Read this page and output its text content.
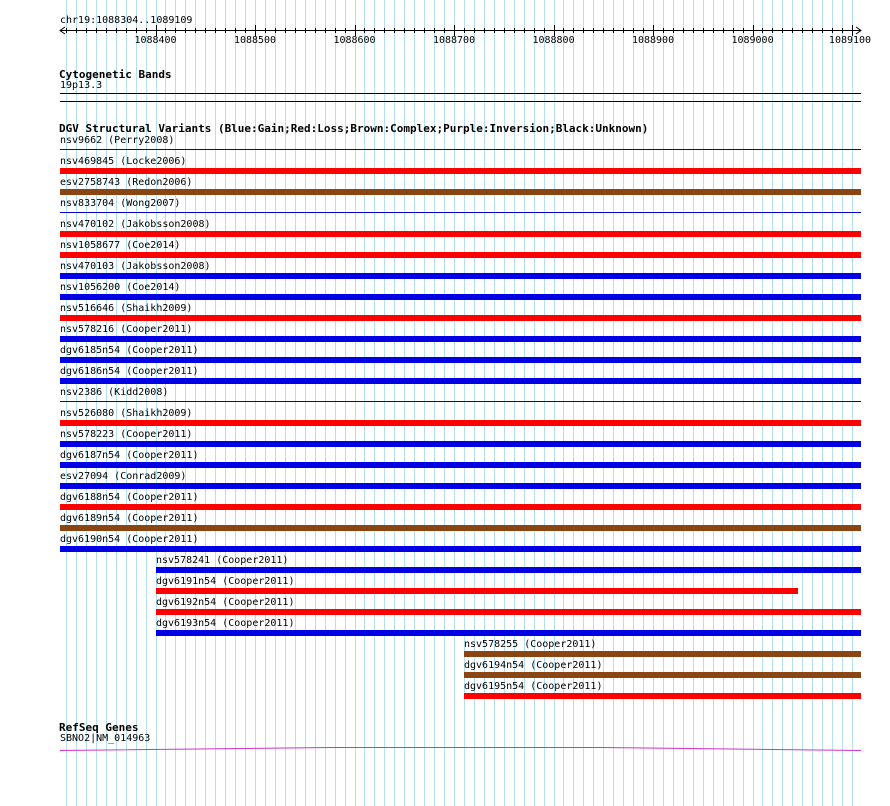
chr19:1088304..1089109
1088400	1088500	1088600	1088700	1088800	1088900	1089000	1089100
Cytogenetic Bands
19p13.3
DGV Structural Variants (Blue:Gain;Red:Loss;Brown:Complex;Purple:Inversion;Black:Unknown)
nsv9662 (Perry2008)
nsv469845 (Locke2006)
esv2758743 (Redon2006)
nsv833704 (Wong2007)
nsv470102 (Jakobsson2008)
nsv1058677 (Coe2014)
nsv470103 (Jakobsson2008)
nsv1056200 (Coe2014)
nsv516646 (Shaikh2009)
nsv578216 (Cooper2011)
dgv6185n54 (Cooper2011)
dgv6186n54 (Cooper2011)
nsv2386 (Kidd2008)
nsv526080 (Shaikh2009)
nsv578223 (Cooper2011)
dgv6187n54 (Cooper2011)
esv27094 (Conrad2009)
dgv6188n54 (Cooper2011)
dgv6189n54 (Cooper2011)
dgv6190n54 (Cooper2011)
nsv578241 (Cooper2011)
dgv6191n54 (Cooper2011)
dgv6192n54 (Cooper2011)
dgv6193n54 (Cooper2011)
nsv578255 (Cooper2011)
dgv6194n54 (Cooper2011)
dgv6195n54 (Cooper2011)
RefSeq Genes
SBNO2|NM_014963
